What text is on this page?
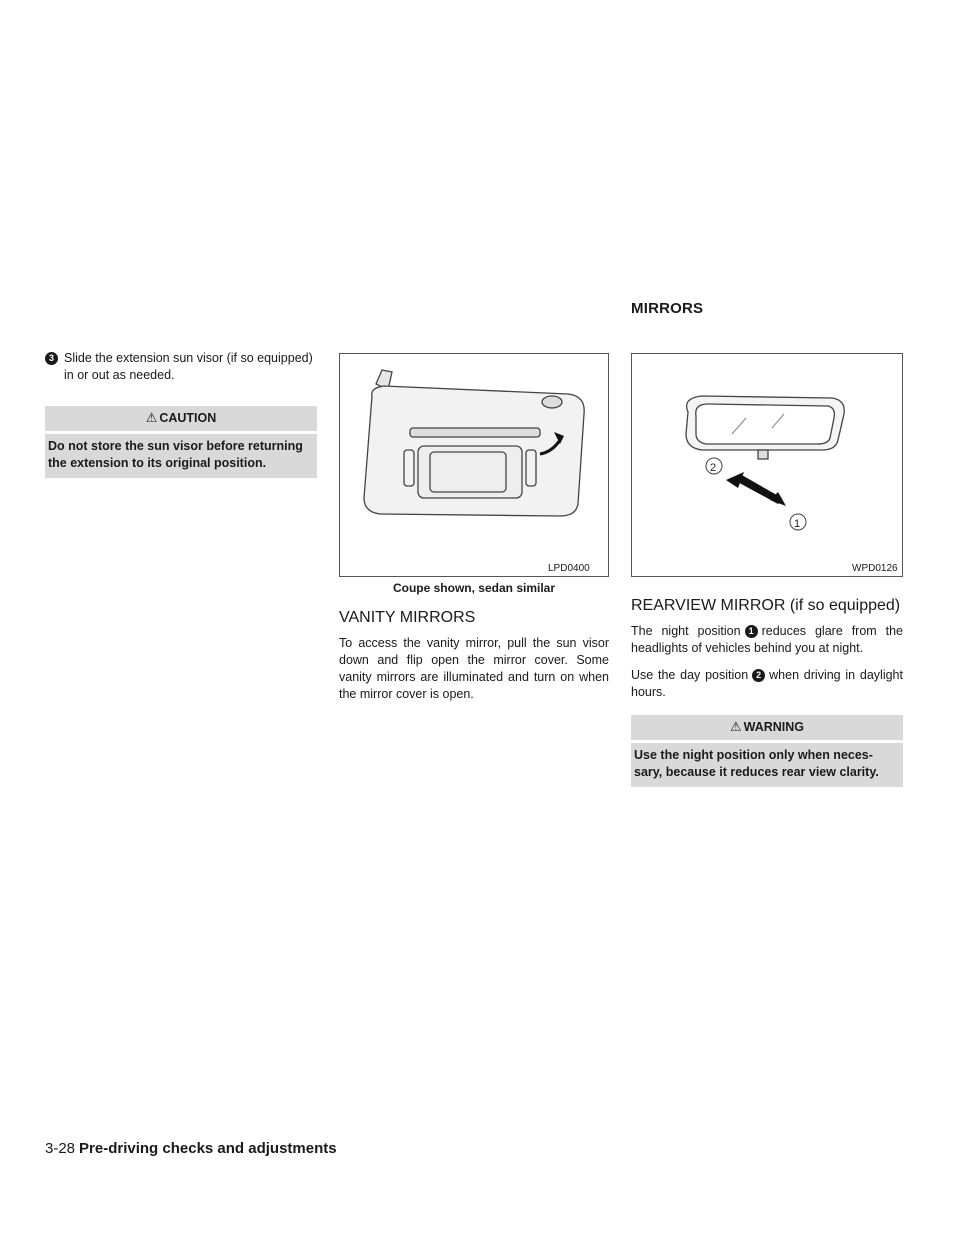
MIRRORS
3 Slide the extension sun visor (if so equipped) in or out as needed.
⚠ CAUTION
Do not store the sun visor before returning the extension to its original position.
LPD0400
Coupe shown, sedan similar
VANITY MIRRORS

To access the vanity mirror, pull the sun visor down and flip open the mirror cover. Some vanity mirrors are illuminated and turn on when the mirror cover is open.

2
1
WPD0126
REARVIEW MIRROR (if so equipped)

The night position 1 reduces glare from the headlights of vehicles behind you at night.

Use the day position 2 when driving in daylight hours.

⚠ WARNING
Use the night position only when neces- sary, because it reduces rear view clarity.
3-28 Pre-driving checks and adjustments
